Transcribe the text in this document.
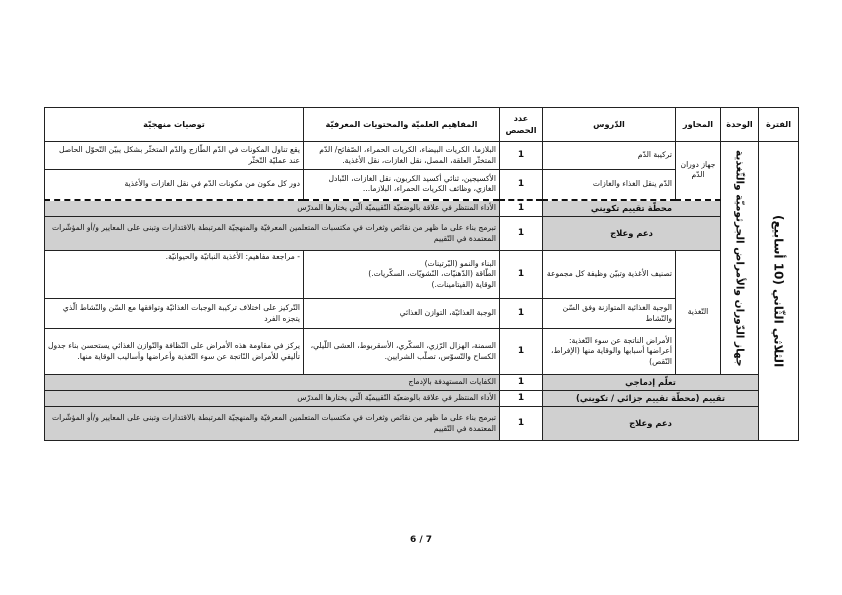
الفترة	الوحدة	المحاور	الدّروس	عدد الحصص	المفاهيم العلميّة والمحتويات المعرفيّة	توصيات منهجيّة

الثلاثي الثّاني (10 أسابيع)	جهاز الدّوران والأمراض الجرثوميّة والتّغذية	جهاز دوران الدّم	تركيبة الدّم	1	البلازما، الكريات البيضاء، الكريات الحمراء، الصّفائح/ الدّم المتخثّر العلقة، المصل، نقل الغازات، نقل الأغذية.	يقع تناول المكونات في الدّم الطّازج والدّم المتخثّر بشكل يبيّن التّحوّل الحاصل عند عمليّة التّخثّر
			الدّم ينقل الغذاء والغازات	1	الأكسيجين، ثنائي أكسيد الكربون، نقل الغازات، التّبادل الغازي، وظائف الكريات الحمراء، البلازما...	دور كل مكون من مكونات الدّم في نقل الغازات والأغذية
		محطّة تقييم تكويني		1	الأداء المنتظر في علاقة بالوضعيّة التّقييميّة الّتي يختارها المدرّس	
		دعم وعلاج		1	تبرمج بناء على ما ظهر من نقائص وثغرات في مكتسبات المتعلمين المعرفيّة والمنهجيّة المرتبطة بالاقتدارات وتبنى على المعايير و/أو المؤشّرات المعتمدة في التّقييم	
		التّغذية	تصنيف الأغذية وتبيّن وظيفة كل مجموعة	1	البناء والنمو (البّرتينات)
الطّاقة (الدّهنيّات، النّشويّات، السكّريات.)
الوقاية (الفيتامينات.)	- مراجعة مفاهيم: الأغذية النباتيّة والحيوانيّة.
			الوجبة الغذائية المتوازنة وفق السّن والنّشاط	1	الوجبة الغذائيّة، التوازن الغذائي	التّركيز على اختلاف تركيبة الوجبات الغذائيّة وتوافقها مع السّن والنّشاط الّذي يتجزه الفرد
			الأمراض الناتجة عن سوء التّغذية: أعراضها أسبابها والوقاية منها (الإفراط، النّقص)	1	السمنة، الهزال الرّزي، السكّري، الأسقربوط، العشى اللّيلي، الكساح والتّسوّس، تصلّب الشرايين.	يركز في مقاومة هذه الأمراض على النّظافة والتّوازن الغذائي يستحسن بناء جدول تأليفي للأمراض النّاتجة عن سوء التّغذية وأعراضها وأساليب الوقاية منها.
	تعلّم إدماجي			1	الكفايات المستهدفة بالإدماج	
	تقييم (محطّة تقييم جزائي / تكويني)			1	الأداء المنتظر في علاقة بالوضعيّة التّقييميّة الّتي يختارها المدرّس	
	دعم وعلاج			1	تبرمج بناء على ما ظهر من نقائص وثغرات في مكتسبات المتعلمين المعرفيّة والمنهجيّة المرتبطة بالاقتدارات وتبنى على المعايير و/أو المؤشّرات المعتمدة في التّقييم	
6 / 7
